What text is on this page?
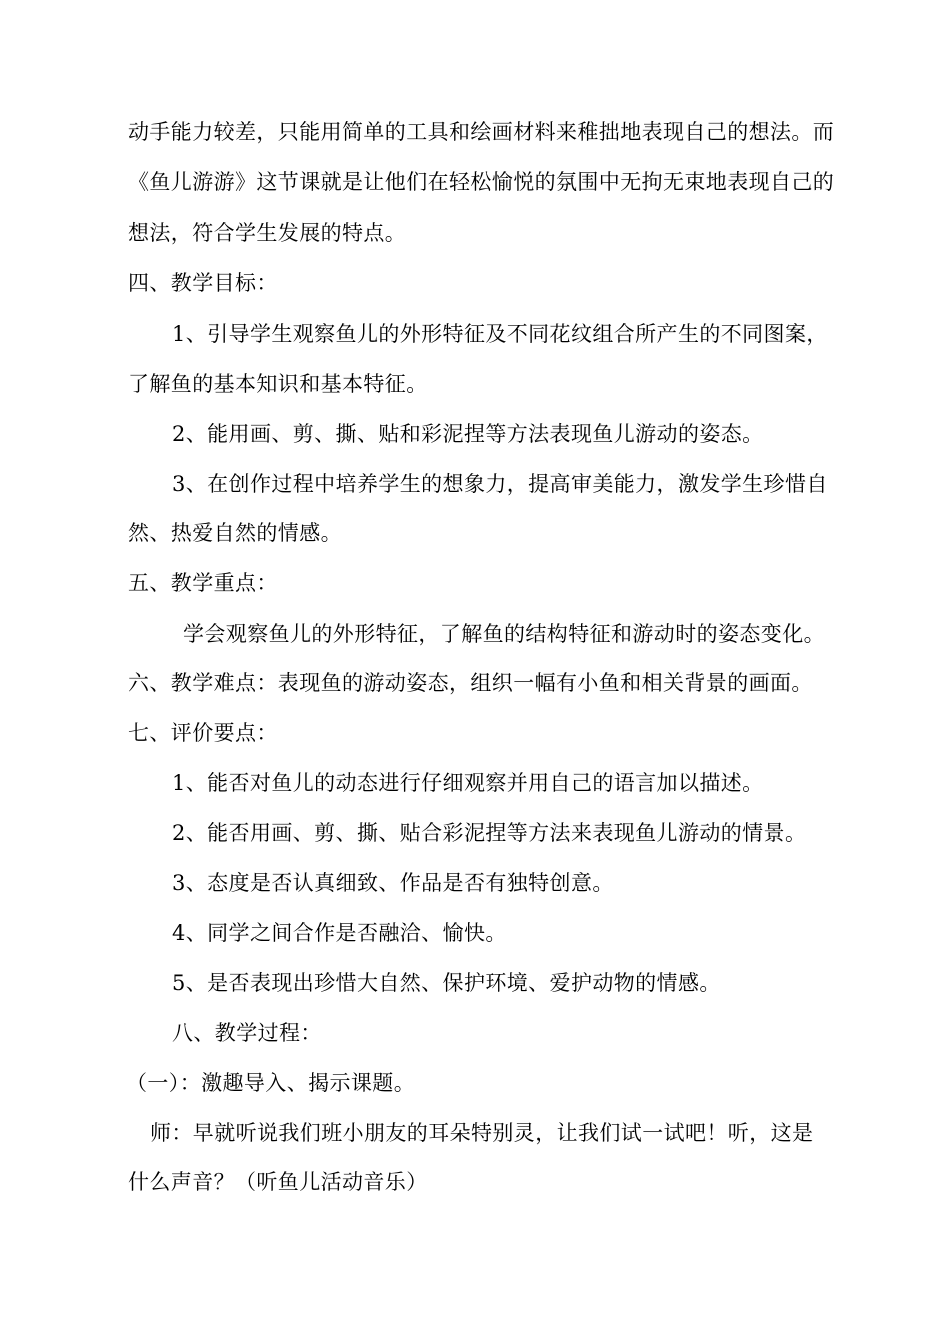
动手能力较差，只能用简单的工具和绘画材料来稚拙地表现自己的想法。而
《鱼儿游游》这节课就是让他们在轻松愉悦的氛围中无拘无束地表现自己的
想法，符合学生发展的特点。
四、教学目标：
1、引导学生观察鱼儿的外形特征及不同花纹组合所产生的不同图案，
了解鱼的基本知识和基本特征。
2、能用画、剪、撕、贴和彩泥捏等方法表现鱼儿游动的姿态。
3、在创作过程中培养学生的想象力，提高审美能力，激发学生珍惜自
然、热爱自然的情感。
五、教学重点：
学会观察鱼儿的外形特征，了解鱼的结构特征和游动时的姿态变化。
六、教学难点：表现鱼的游动姿态，组织一幅有小鱼和相关背景的画面。
七、评价要点：
1、能否对鱼儿的动态进行仔细观察并用自己的语言加以描述。
2、能否用画、剪、撕、贴合彩泥捏等方法来表现鱼儿游动的情景。
3、态度是否认真细致、作品是否有独特创意。
4、同学之间合作是否融洽、愉快。
5、是否表现出珍惜大自然、保护环境、爱护动物的情感。
八、教学过程：
（一）：激趣导入、揭示课题。
师：早就听说我们班小朋友的耳朵特别灵，让我们试一试吧！听，这是
什么声音？（听鱼儿活动音乐）
